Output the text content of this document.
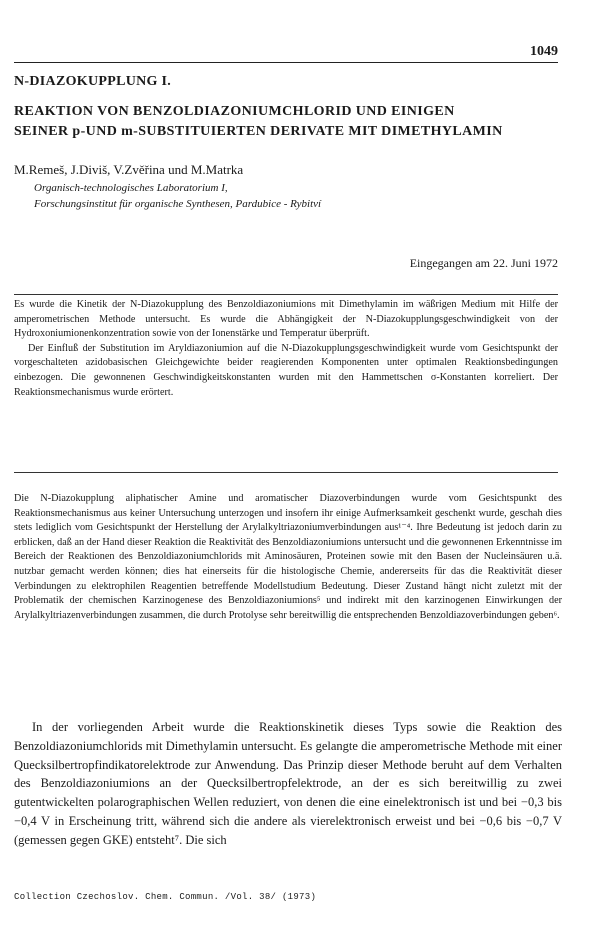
1049
N-DIAZOKUPPLUNG I.
REAKTION VON BENZOLDIAZONIUMCHLORID UND EINIGEN
SEINER p-UND m-SUBSTITUIERTEN DERIVATE MIT DIMETHYLAMIN
M.Remeš, J.Diviš, V.Zvěřina und M.Matrka
Organisch-technologisches Laboratorium I,
Forschungsinstitut für organische Synthesen, Pardubice - Rybitví
Eingegangen am 22. Juni 1972

Es wurde die Kinetik der N-Diazokupplung des Benzoldiazoniumions mit Dimethylamin im wäßrigen Medium mit Hilfe der amperometrischen Methode untersucht. Es wurde die Abhängigkeit der N-Diazokupplungsgeschwindigkeit von der Hydroxoniumionenkonzentration sowie von der Ionenstärke und Temperatur überprüft.

Der Einfluß der Substitution im Aryldiazoniumion auf die N-Diazokupplungsgeschwindigkeit wurde vom Gesichtspunkt der vorgeschalteten azidobasischen Gleichgewichte beider reagierenden Komponenten unter optimalen Reaktionsbedingungen einbezogen. Die gewonnenen Geschwindigkeitskonstanten wurden mit den Hammettschen σ-Konstanten korreliert. Der Reaktionsmechanismus wurde erörtert.

Die N-Diazokupplung aliphatischer Amine und aromatischer Diazoverbindungen wurde vom Gesichtspunkt des Reaktionsmechanismus aus keiner Untersuchung unterzogen und insofern ihr einige Aufmerksamkeit geschenkt wurde, geschah dies stets lediglich vom Gesichtspunkt der Herstellung der Arylalkyltriazoniumverbindungen aus¹⁻⁴. Ihre Bedeutung ist jedoch darin zu erblicken, daß an der Hand dieser Reaktion die Reaktivität des Benzoldiazoniumions untersucht und die gewonnenen Erkenntnisse im Bereich der Reaktionen des Benzoldiazoniumchlorids mit Aminosäuren, Proteinen sowie mit den Basen der Nucleinsäuren u.ä. nutzbar gemacht werden können; dies hat einerseits für die histologische Chemie, andererseits für das die Reaktivität dieser Verbindungen zu elektrophilen Reagentien betreffende Modellstudium Bedeutung. Dieser Zustand hängt nicht zuletzt mit der Problematik der chemischen Karzinogenese des Benzoldiazoniumions⁵ und indirekt mit den karzinogenen Einwirkungen der Arylalkyltriazenverbindungen zusammen, die durch Protolyse sehr bereitwillig die entsprechenden Benzoldiazoverbindungen geben⁶.

In der vorliegenden Arbeit wurde die Reaktionskinetik dieses Typs sowie die Reaktion des Benzoldiazoniumchlorids mit Dimethylamin untersucht. Es gelangte die amperometrische Methode mit einer Quecksilbertropfindikatorelektrode zur Anwendung. Das Prinzip dieser Methode beruht auf dem Verhalten des Benzoldiazoniumions an der Quecksilbertropfelektrode, an der es sich bereitwillig zu zwei gutentwickelten polarographischen Wellen reduziert, von denen die eine einelektronisch ist und bei −0,3 bis −0,4 V in Erscheinung tritt, während sich die andere als vierelektronisch erweist und bei −0,6 bis −0,7 V (gemessen gegen GKE) entsteht⁷. Die sich

Collection Czechoslov. Chem. Commun. /Vol. 38/ (1973)
